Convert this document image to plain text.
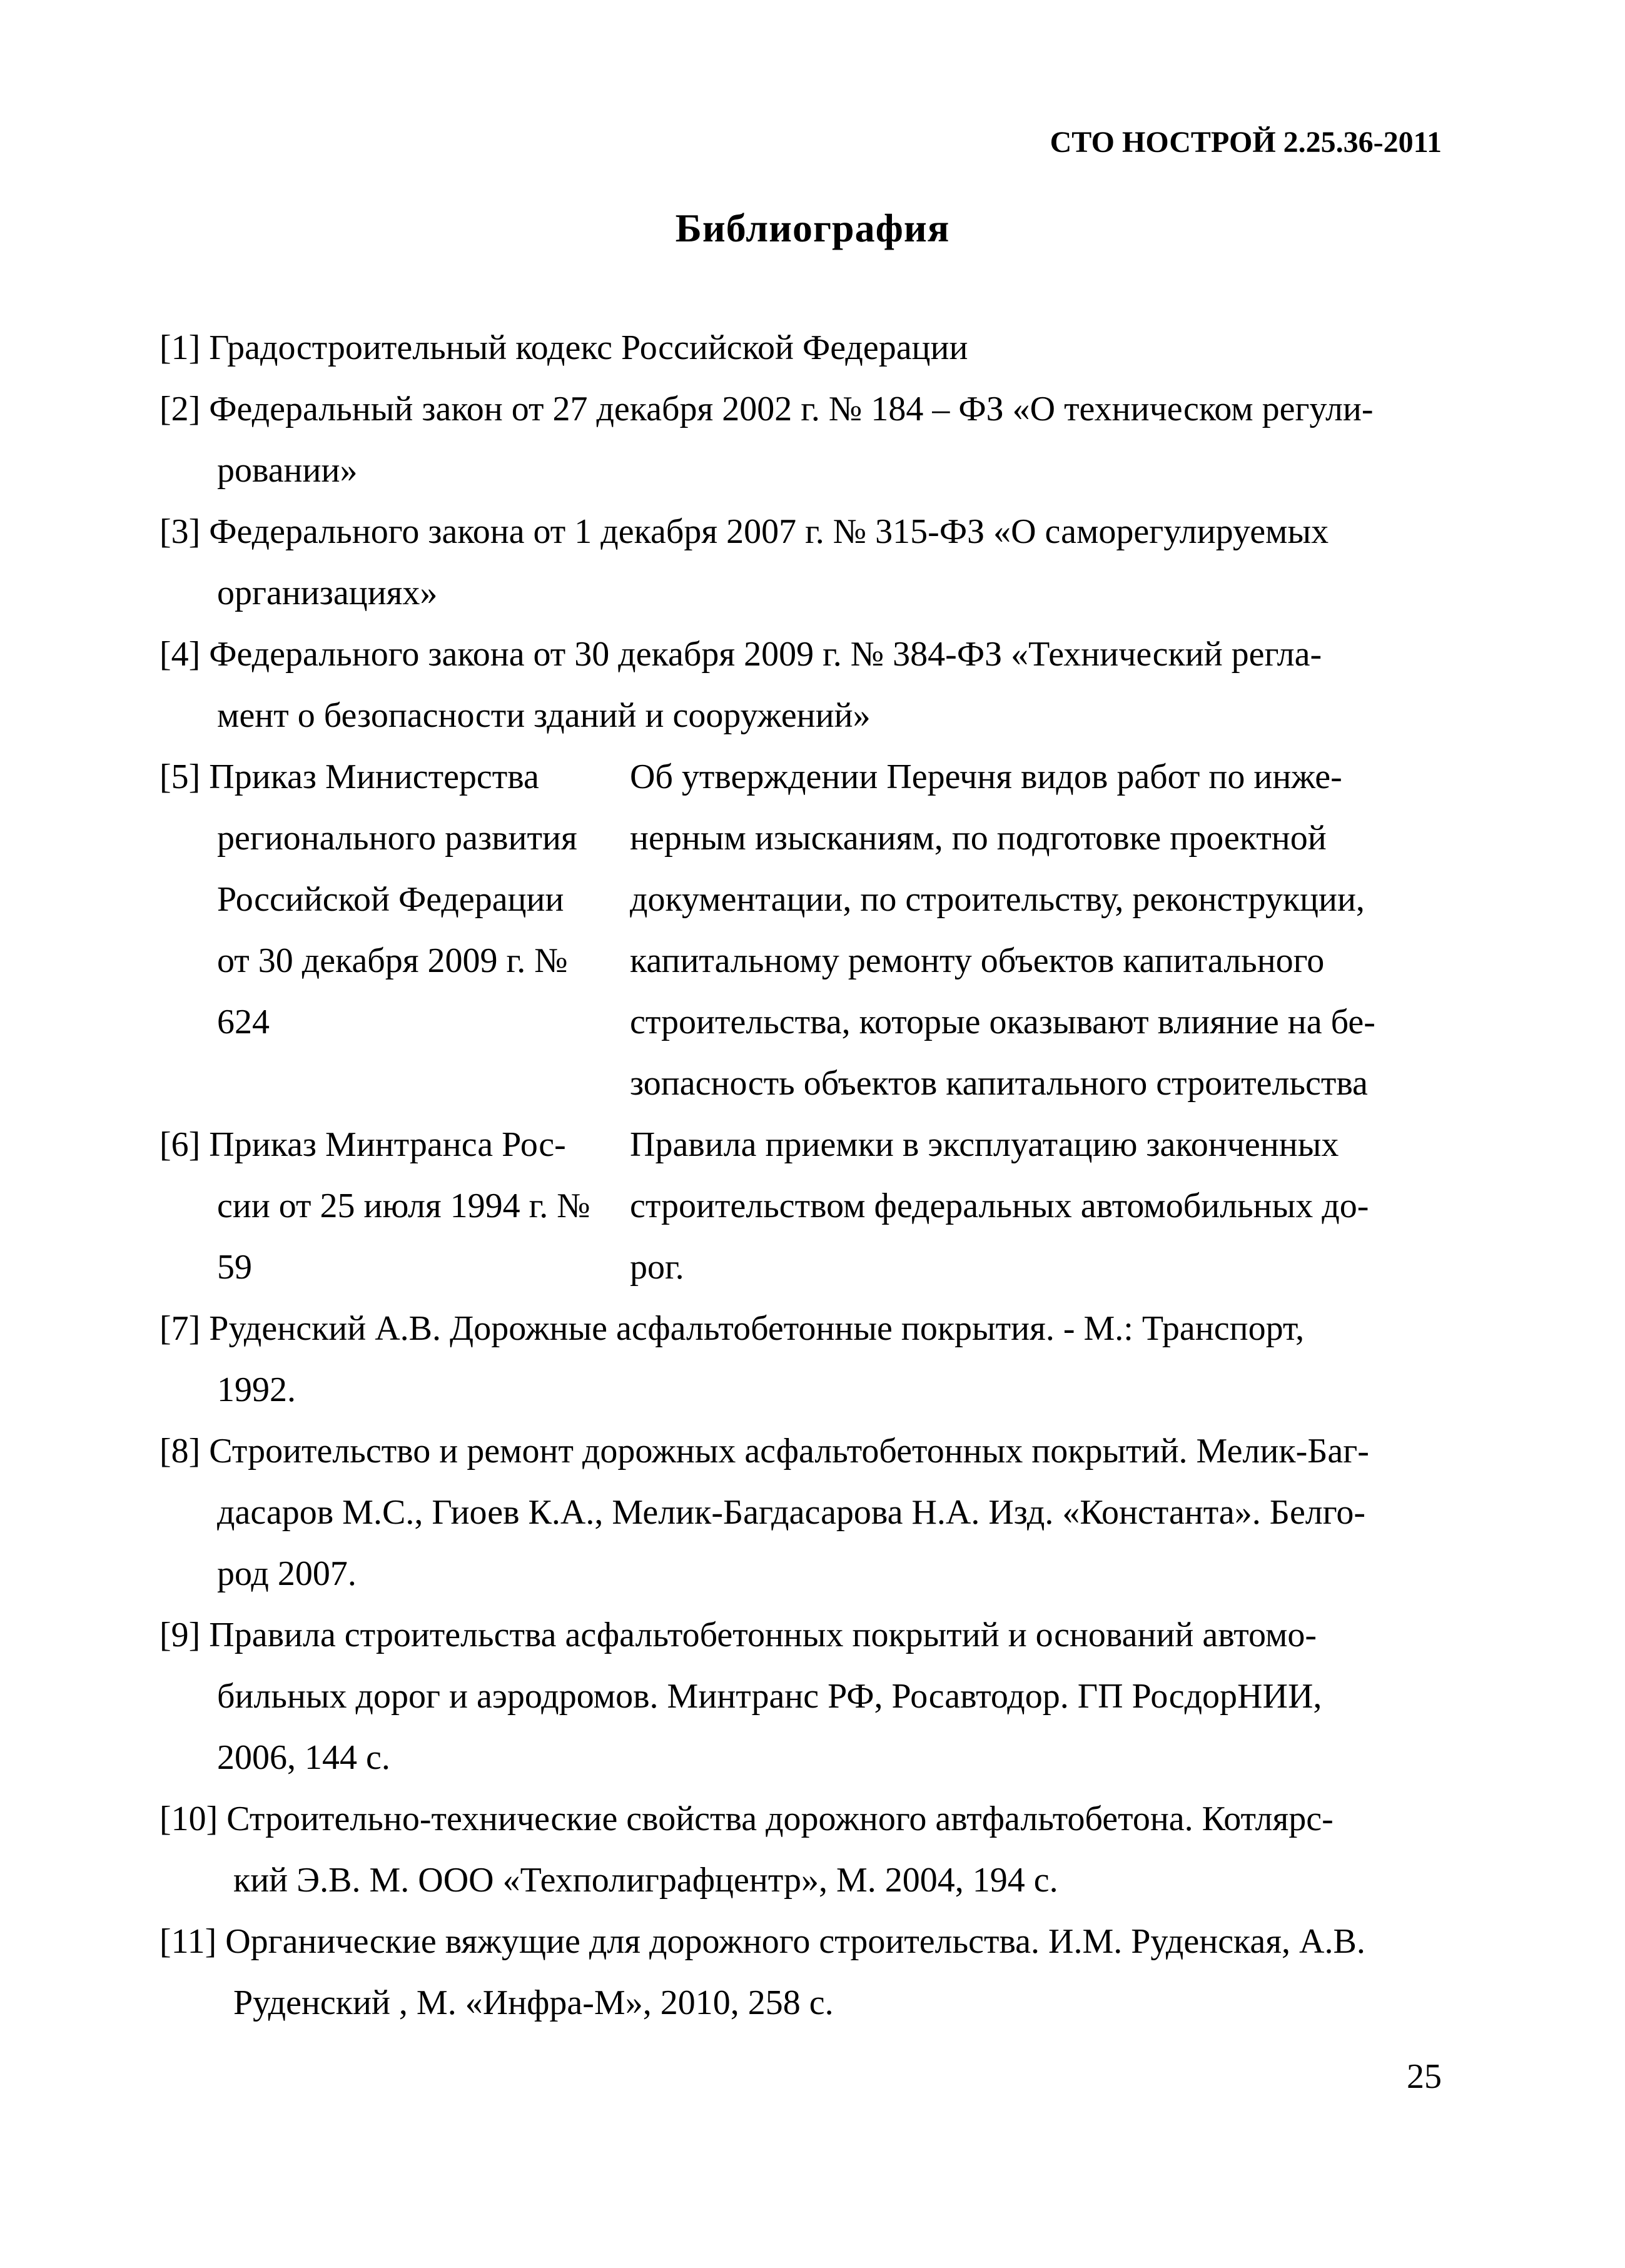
СТО НОСТРОЙ 2.25.36-2011
Библиография
[1] Градостроительный кодекс Российской Федерации
[2] Федеральный закон от 27 декабря 2002 г. № 184 – ФЗ «О техническом регули-
ровании»
[3] Федерального закона от 1 декабря 2007 г. № 315-ФЗ «О саморегулируемых
организациях»
[4] Федерального закона от 30 декабря 2009 г. № 384-ФЗ «Технический регла-
мент о безопасности зданий и сооружений»
[5] Приказ Министерства
регионального развития
Российской Федерации
от 30 декабря 2009 г. №
624
Об утверждении Перечня видов работ по инже-
нерным изысканиям, по подготовке проектной
документации, по строительству, реконструкции,
капитальному ремонту объектов капитального
строительства, которые оказывают влияние на бе-
зопасность объектов капитального строительства
[6] Приказ Минтранса Рос-
сии от 25 июля 1994 г. №
59
Правила приемки в эксплуатацию законченных
строительством федеральных автомобильных до-
рог.
[7] Руденский А.В. Дорожные асфальтобетонные покрытия. - М.: Транспорт,
1992.
[8] Строительство и ремонт дорожных асфальтобетонных покрытий. Мелик-Баг-
дасаров М.С., Гиоев К.А., Мелик-Багдасарова Н.А. Изд. «Константа». Белго-
род 2007.
[9] Правила строительства асфальтобетонных покрытий и оснований автомо-
бильных дорог и аэродромов. Минтранс РФ, Росавтодор. ГП РосдорНИИ,
2006, 144 с.
[10] Строительно-технические свойства дорожного автфальтобетона. Котлярс-
кий Э.В. М. ООО «Техполиграфцентр», М. 2004, 194 с.
[11] Органические вяжущие для дорожного строительства. И.М. Руденская, А.В.
Руденский , М. «Инфра-М», 2010, 258 с.
25
